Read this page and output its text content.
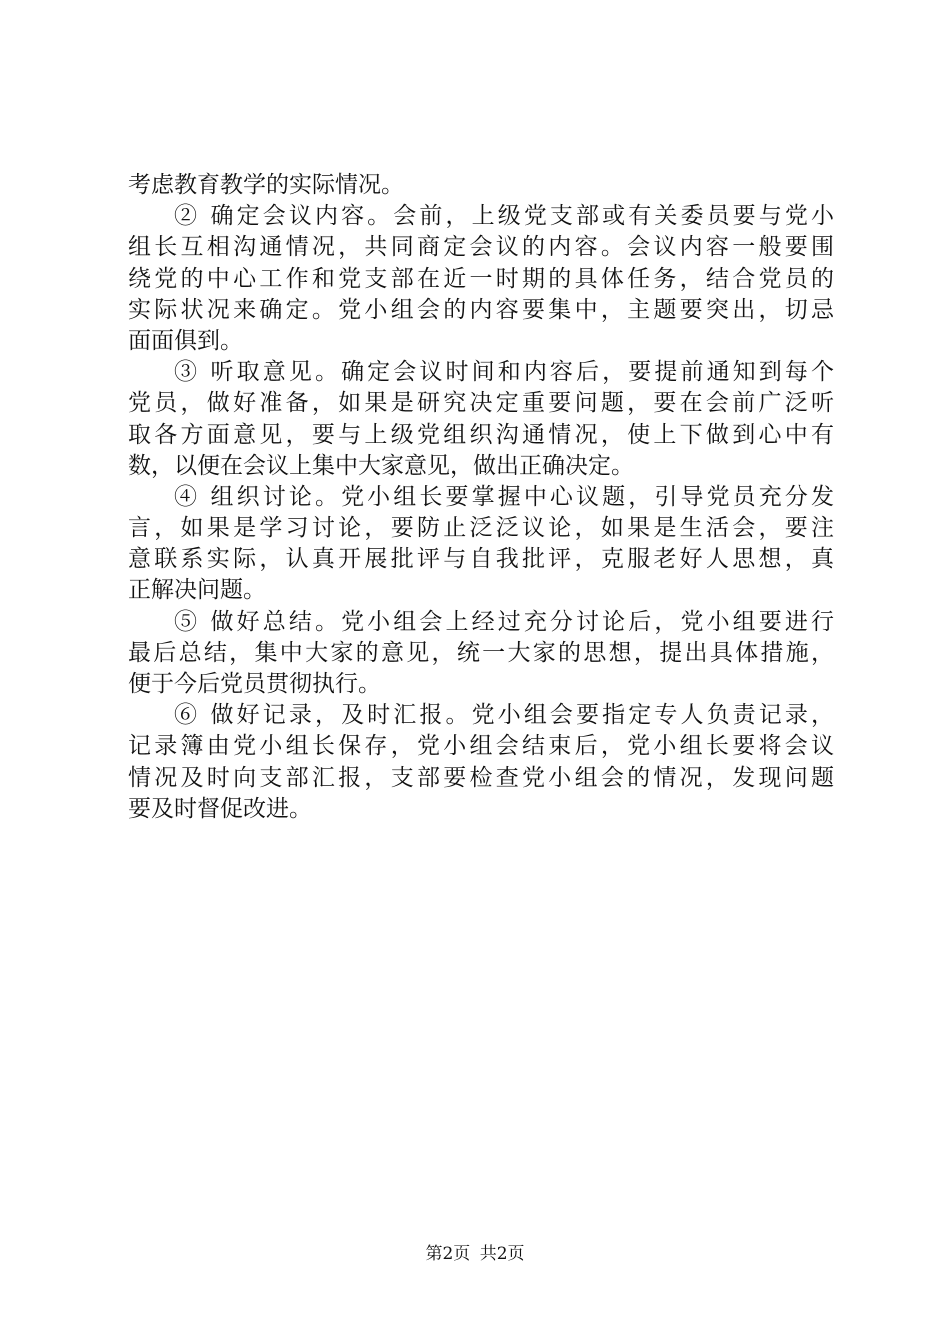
考虑教育教学的实际情况。
② 确定会议内容。会前，上级党支部或有关委员要与党小
组长互相沟通情况，共同商定会议的内容。会议内容一般要围
绕党的中心工作和党支部在近一时期的具体任务，结合党员的
实际状况来确定。党小组会的内容要集中，主题要突出，切忌
面面俱到。
③ 听取意见。确定会议时间和内容后，要提前通知到每个
党员，做好准备，如果是研究决定重要问题，要在会前广泛听
取各方面意见，要与上级党组织沟通情况，使上下做到心中有
数，以便在会议上集中大家意见，做出正确决定。
④ 组织讨论。党小组长要掌握中心议题，引导党员充分发
言，如果是学习讨论，要防止泛泛议论，如果是生活会，要注
意联系实际，认真开展批评与自我批评，克服老好人思想，真
正解决问题。
⑤ 做好总结。党小组会上经过充分讨论后，党小组要进行
最后总结，集中大家的意见，统一大家的思想，提出具体措施，
便于今后党员贯彻执行。
⑥ 做好记录，及时汇报。党小组会要指定专人负责记录，
记录簿由党小组长保存，党小组会结束后，党小组长要将会议
情况及时向支部汇报，支部要检查党小组会的情况，发现问题
要及时督促改进。
第2页 共2页
